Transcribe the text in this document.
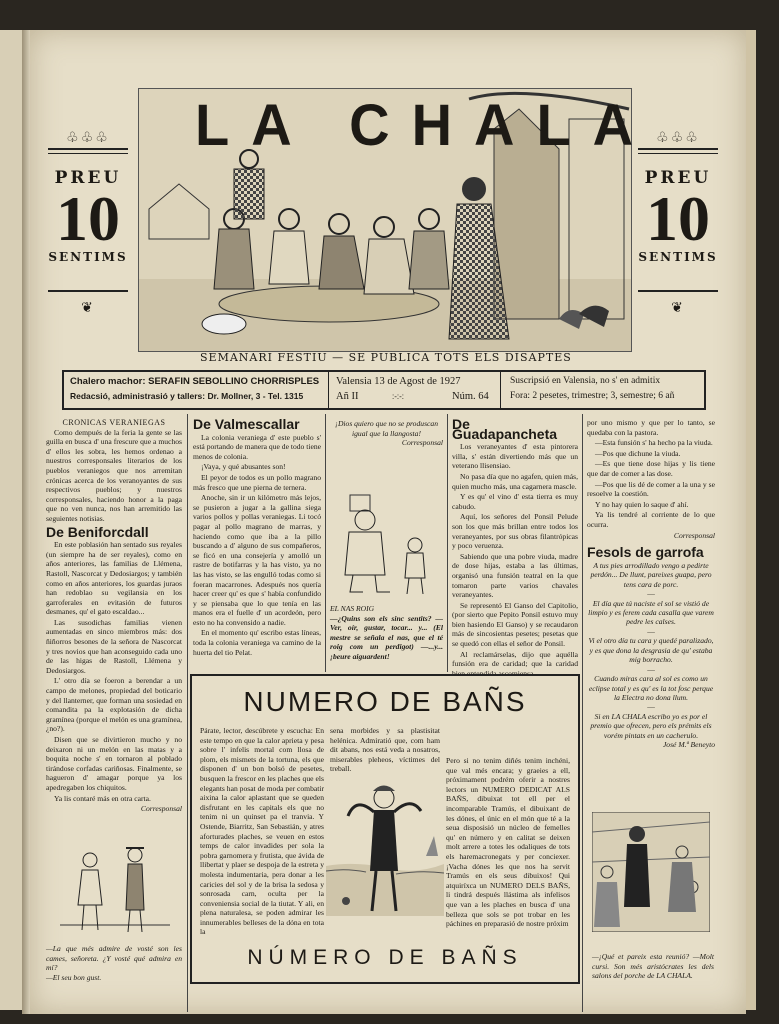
♧♧♧
PREU
10
SENTIMS
❦
♧♧♧
PREU
10
SENTIMS
❦
LA CHALA
SEMANARI FESTIU — SE PUBLICA TOTS ELS DISAPTES
Chalero machor: SERAFIN SEBOLLINO CHORRISPLES
Redacsió, administrasió y tallers: Dr. Mollner, 3 - Tel. 1315
Valensia 13 de Agost de 1927
Añ II	:-:-:	Núm. 64
Suscripsió en Valensia, no s' en admitix
Fora: 2 pesetes, trimestre; 3, semestre; 6 añ
CRONICAS VERANIEGAS

Como dempués de la feria la gente se las guilla en busca d' una frescure que a muchos d' ellos les sobra, les hemos ordenao a nuestros corresponsales literarios de los pueblos veraniegos que nos arremitan crónicas acerca de los veranoyantes de sus respectivos pueblos; y nuestros corresponsales, haciendo honor a la paga que no ven nunca, nos han arremitido las seguientes notisias.

De Beniforcdall

En este poblasión han sentado sus reyales (un siempre ha de ser reyales), como en años anteriores, las familias de Llémena, Rastoll, Nascorcat y Dedosiargos; y también como en años anteriores, los guardas juraos han redoblao su vegilansia en los garroferales en evitasión de futuros desmanes, qu' el gato escaldao...

Las susodichas familias vienen aumentadas en sinco miembros más: dos ñiñorros besones de la señora de Nascorcat y tres novios que han aconseguido cada uno de las higas de Rastoll, Llémena y Dedosiargos.

L' otro día se foeron a berendar a un campo de melones, propiedad del boticario y del llanterner, que forman una sosiedad en comandita pa la explotasión de dicha gramínea (porque el melón es una gramínea, ¿no?).

Disen que se divirtieron mucho y no deixaron ni un melón en las matas y a boquita noche s' en tornaron al poblado tirándose corfadas cariñosas. Finalmente, se hagueron d' amagar porque ya los apedregaben los chiquitos.

Ya lis contaré más en otra carta.

Corresponsal
—La que més admire de vosté son les cames, señoreta. ¿Y vosté qué admira en mí?
—El seu bon gust.
De Valmescallar

La colonia veraniega d' este pueblo s' está portando de manera que de todo tiene menos de colonia.

¡Vaya, y qué abusantes son!

El peyor de todos es un pollo magrano más fresco que une pierna de ternera.

Anoche, sin ir un kilómetro más lejos, se pusieron a jugar a la gallina siega varios pollos y pollas veraniegas. Li tocó pagar al pollo magrano de marras, y haciendo como que iba a la pillo buscando a d' alguno de sus compañeros, se ficó en una consejería y amolló un rastre de botifarras y la has visto, ya no las has visto, se las engulló todas como si foeran macarrones. Adespués nos quería hacer creer qu' es que s' había confundido y se piensaba que lo que tenía en las manos era el fuelle d' un acordeón, pero esto no ha convensido a nadie.

En el momento qu' escribo estas líneas, toda la colonia veraniega va camino de la huerta del tio Pelat.

¡Dios quiero que no se produscan igual que la llangosta!
Corresponsal
EL NAS ROIG
—¿Quins son els sinc sentits? —Ver, oír, gustar, tocar... y... (El mestre se señala el nas, que el té roig com un perdigot) —...y... ¡beure aiguardent!
De Guadapancheta

Los veraneyantes d' esta pintorera villa, s' están divertiendo más que un veterano llisensiao.

No pasa día que no agafen, quien más, quien mucho más, una cagarnera mascle.

Y es qu' el vino d' esta tierra es muy cabudo.

Aquí, los señores del Ponsil Pelude son los que más brillan entre todos los veraneyantes, por sus obras filantrópicas y poco veruenza.

Sabiendo que una pobre viuda, madre de dose hijas, estaba a las últimas, organisó una funsión teatral en la que tomaron parte varios chavales veraneyantes.

Se representó El Ganso del Capitolio, (por sierto que Pepito Ponsil estuvo muy bien hasiendo El Ganso) y se recaudaron más de sincosientas pesetes; pesetas que se quedó con ellas el señor de Ponsil.

Al reclamárselas, dijo que aquélla funsión era de caridad; que la caridad bien entendida ascomiensa

por uno mismo y que per lo tanto, se quedaba con la pastora.

—Esta funsión s' ha hecho pa la viuda.

—Pos que dichune la viuda.

—Es que tiene dose hijas y lis tiene que dar de comer a las dose.

—Pos que lis dé de comer a la una y se resoelve la coestión.

Y no hay quien lo saque d' ahí.

Ya lis tendré al corriente de lo que ocurra.

Corresponsal
Fesols de garrofa
A tus pies arrodillado vengo a pedirte perdón... De llunt, pareixes guapa, pero tens cara de porc.
—
El día que tú naciste el sol se vistió de limpio y es ferem cada casalla que varem pedre les calses.
—
Vi el otro día tu cara y quedé paralizado, y es que dona la desgrasia de qu' estaba mig borracho.
—
Cuando miras cara al sol es como un eclipse total y es qu' es la tot fosc perque la Electra no dona llum.
—
Si en LA CHALA escribo yo es por el premio que ofrecen, pero els prémits els vorém pintats en un cacherulo.
José M.ª Beneyto
—¡Qué et pareix esta reunió? —Molt cursi. Son més aristócrates les dels salons del porche de LA CHALA.
NUMERO DE BAÑS
Párate, lector, descúbrete y escucha: En este tempo en que la calor aprieta y pesa sobre l' infelis mortal com llosa de plom, els mismets de la tortuna, els que disponen d' un bon bolsó de pesetes, busquen la frescor en les plaches que els elegants han posat de moda per combatir aixina la calor aplastant que se queden disfrutant en les capitals els que no tenim ni un quinset pa el tranvia. Y Ostende, Biarritz, San Sebastián, y atres aforturades plaches, se veuen en estos temps de calor invadides per sola la pobra garnomera y frutista, que ávida de llibertat y plaer se despoja de la estreta y molesta indumentaria, pera donar a les caricies del sol y de la brisa la sedosa y sonrosada carn, oculta per la conveniensia social de la tiutat. Y ali, en plena naturalesa, se poden admirar les innumerables belleses de la dóna en tota la
sena morbides y sa plastisitat helénica. Admiratió que, com ham dit abans, nos está veda a nosatros, miserables pleheos, víctimes del treball.
Pero si no tenim diñés tenim inchéni, que val més encara; y graeies a ell, próximament podrém oferir a nostres lectors un NUMERO DEDICAT ALS BAÑS, dibuixat tot ell per el incomparable Tramús, el dibuixant de les dónes, el únic en el món que té a la seua disposisió un núcleo de femelles qu' en número y en calitat se deixen molt arrere a totes les odaliques de tots els haremacronegats y per conciexer. ¡Vacha dónes les que nos ha servit Tramús en els seus dibuixos! Qui atquiríxca un NUMERO DELS BAÑS, li tindrá después llástima als infelisos que van a les plaches en busca d' una belleza que sols se pot trobar en les páchines en preparasió de nostre próxim
NÚMERO DE BAÑS
